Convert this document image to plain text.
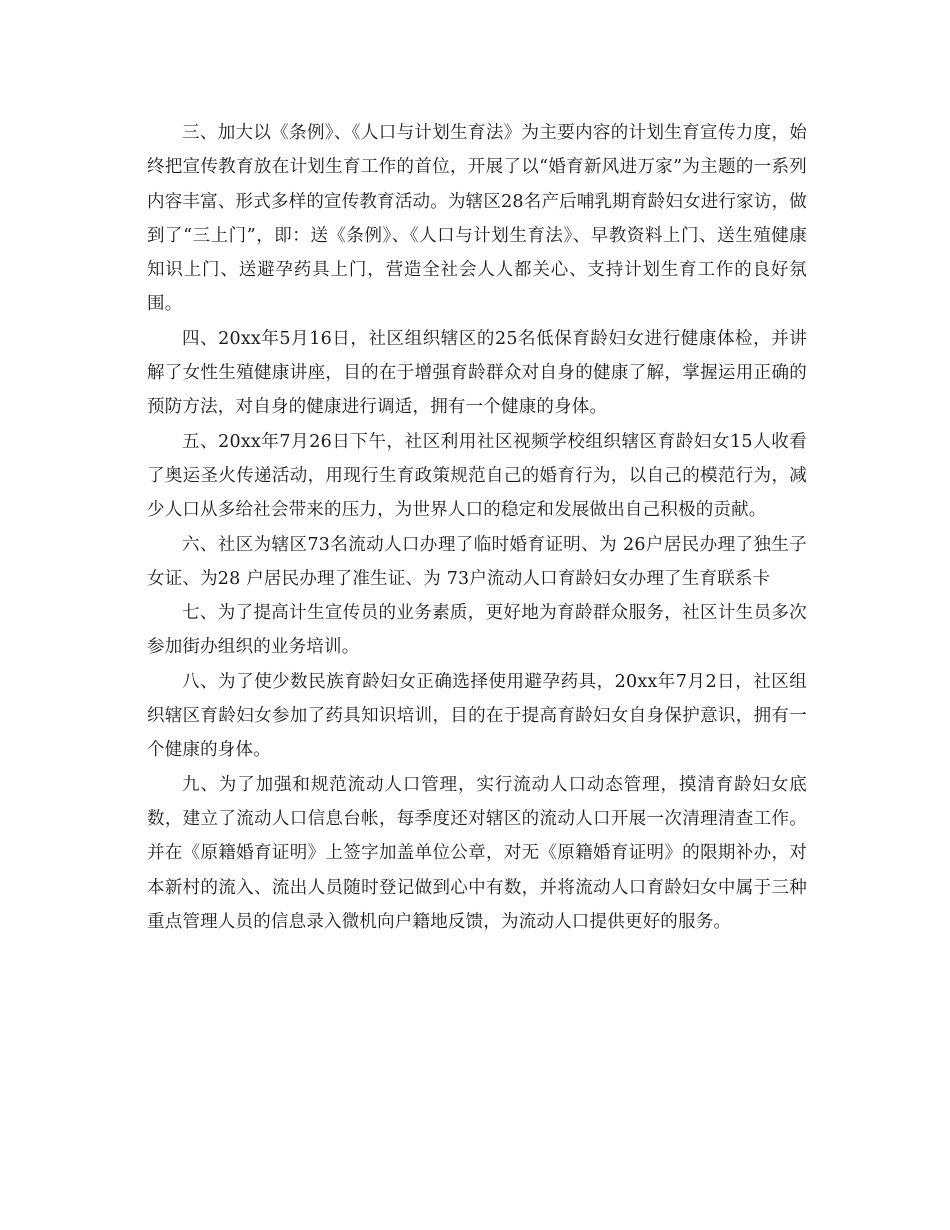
三、加大以《条例》、《人口与计划生育法》为主要内容的计划生育宣传力度，始终把宣传教育放在计划生育工作的首位，开展了以“婚育新风进万家”为主题的一系列内容丰富、形式多样的宣传教育活动。为辖区28名产后哺乳期育龄妇女进行家访，做到了“三上门”，即：送《条例》、《人口与计划生育法》、早教资料上门、送生殖健康知识上门、送避孕药具上门，营造全社会人人都关心、支持计划生育工作的良好氛围。

四、20xx年5月16日，社区组织辖区的25名低保育龄妇女进行健康体检，并讲解了女性生殖健康讲座，目的在于增强育龄群众对自身的健康了解，掌握运用正确的预防方法，对自身的健康进行调适，拥有一个健康的身体。

五、20xx年7月26日下午，社区利用社区视频学校组织辖区育龄妇女15人收看了奥运圣火传递活动，用现行生育政策规范自己的婚育行为，以自己的模范行为，减少人口从多给社会带来的压力，为世界人口的稳定和发展做出自己积极的贡献。

六、社区为辖区73名流动人口办理了临时婚育证明、为 26户居民办理了独生子女证、为28 户居民办理了准生证、为 73户流动人口育龄妇女办理了生育联系卡

七、为了提高计生宣传员的业务素质，更好地为育龄群众服务，社区计生员多次参加街办组织的业务培训。

八、为了使少数民族育龄妇女正确选择使用避孕药具，20xx年7月2日，社区组织辖区育龄妇女参加了药具知识培训，目的在于提高育龄妇女自身保护意识，拥有一个健康的身体。

九、为了加强和规范流动人口管理，实行流动人口动态管理，摸清育龄妇女底数，建立了流动人口信息台帐，每季度还对辖区的流动人口开展一次清理清查工作。并在《原籍婚育证明》上签字加盖单位公章，对无《原籍婚育证明》的限期补办，对本新村的流入、流出人员随时登记做到心中有数，并将流动人口育龄妇女中属于三种重点管理人员的信息录入微机向户籍地反馈，为流动人口提供更好的服务。
